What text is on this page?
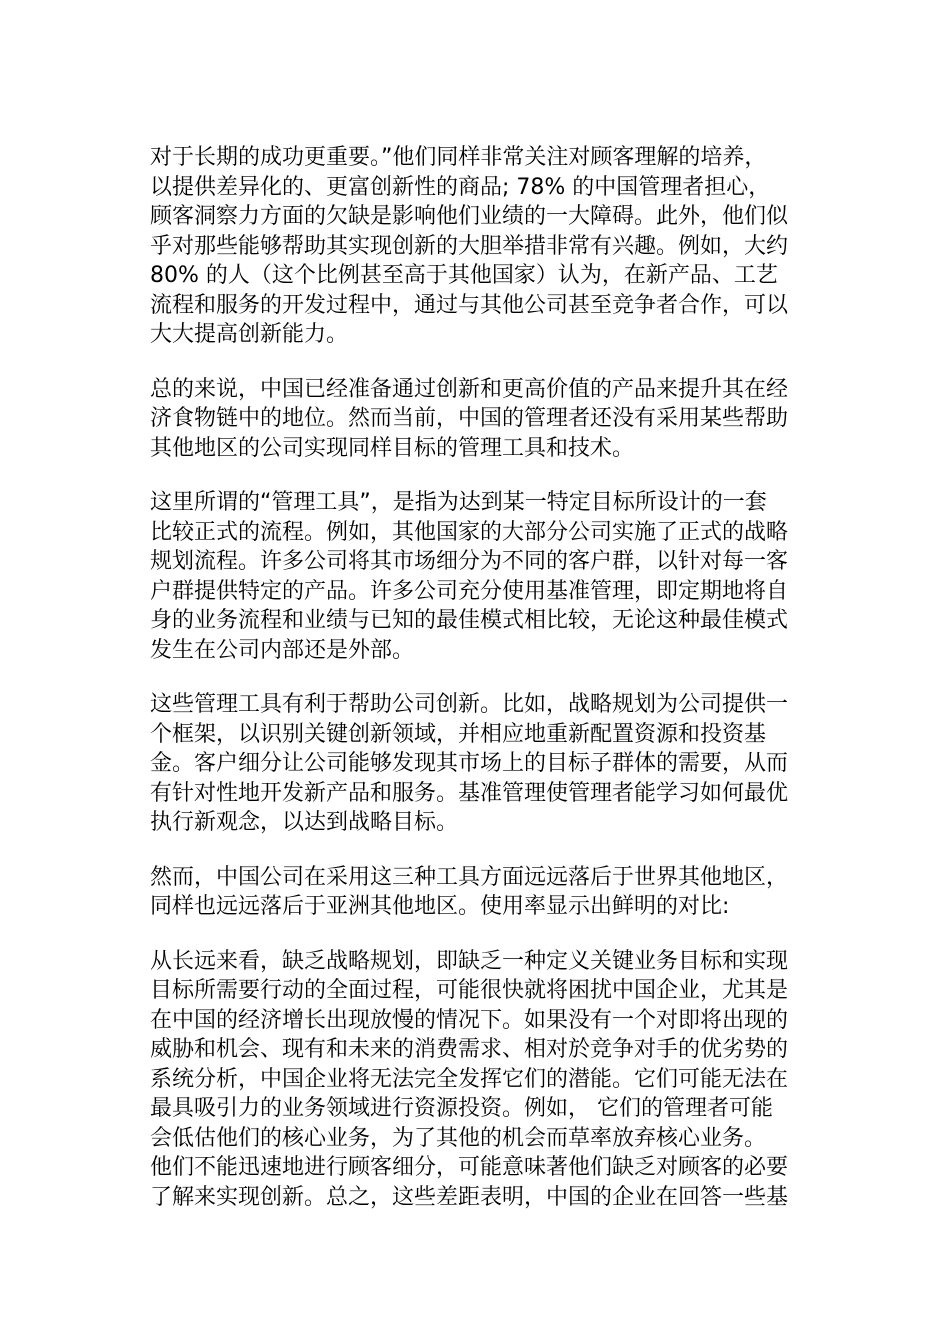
对于长期的成功更重要。”他们同样非常关注对顾客理解的培养，
以提供差异化的、更富创新性的商品; 78% 的中国管理者担心，
顾客洞察力方面的欠缺是影响他们业绩的一大障碍。此外，他们似
乎对那些能够帮助其实现创新的大胆举措非常有兴趣。例如，大约
80% 的人（这个比例甚至高于其他国家）认为，在新产品、工艺
流程和服务的开发过程中，通过与其他公司甚至竞争者合作，可以
大大提高创新能力。

总的来说，中国已经准备通过创新和更高价值的产品来提升其在经
济食物链中的地位。然而当前，中国的管理者还没有采用某些帮助
其他地区的公司实现同样目标的管理工具和技术。

这里所谓的“管理工具”，是指为达到某一特定目标所设计的一套
比较正式的流程。例如，其他国家的大部分公司实施了正式的战略
规划流程。许多公司将其市场细分为不同的客户群，以针对每一客
户群提供特定的产品。许多公司充分使用基准管理，即定期地将自
身的业务流程和业绩与已知的最佳模式相比较，无论这种最佳模式
发生在公司内部还是外部。

这些管理工具有利于帮助公司创新。比如，战略规划为公司提供一
个框架，以识别关键创新领域，并相应地重新配置资源和投资基
金。客户细分让公司能够发现其市场上的目标子群体的需要，从而
有针对性地开发新产品和服务。基准管理使管理者能学习如何最优
执行新观念，以达到战略目标。

然而，中国公司在采用这三种工具方面远远落后于世界其他地区，
同样也远远落后于亚洲其他地区。使用率显示出鲜明的对比:

从长远来看，缺乏战略规划，即缺乏一种定义关键业务目标和实现
目标所需要行动的全面过程，可能很快就将困扰中国企业，尤其是
在中国的经济增长出现放慢的情况下。如果没有一个对即将出现的
威胁和机会、现有和未来的消费需求、相对於竞争对手的优劣势的
系统分析，中国企业将无法完全发挥它们的潜能。它们可能无法在
最具吸引力的业务领域进行资源投资。例如， 它们的管理者可能
会低估他们的核心业务，为了其他的机会而草率放弃核心业务。
他们不能迅速地进行顾客细分，可能意味著他们缺乏对顾客的必要
了解来实现创新。总之，这些差距表明，中国的企业在回答一些基
